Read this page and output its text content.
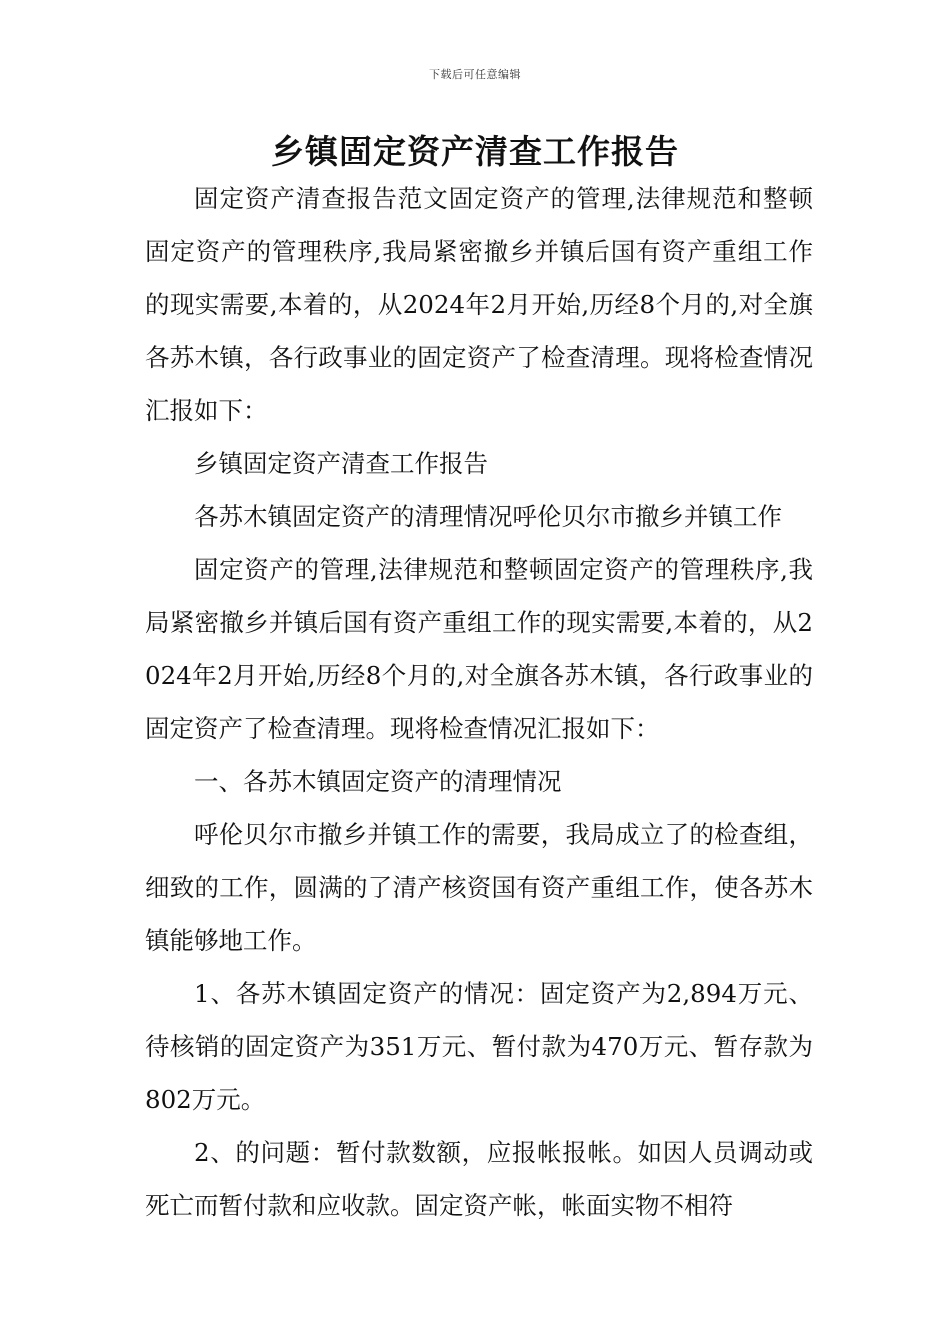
下载后可任意编辑
乡镇固定资产清查工作报告

固定资产清查报告范文固定资产的管理,法律规范和整顿固定资产的管理秩序,我局紧密撤乡并镇后国有资产重组工作的现实需要,本着的，从2024年2月开始,历经8个月的,对全旗各苏木镇，各行政事业的固定资产了检查清理。现将检查情况汇报如下：

乡镇固定资产清查工作报告

各苏木镇固定资产的清理情况呼伦贝尔市撤乡并镇工作

固定资产的管理,法律规范和整顿固定资产的管理秩序,我局紧密撤乡并镇后国有资产重组工作的现实需要,本着的，从2024年2月开始,历经8个月的,对全旗各苏木镇，各行政事业的固定资产了检查清理。现将检查情况汇报如下：

一、各苏木镇固定资产的清理情况

呼伦贝尔市撤乡并镇工作的需要，我局成立了的检查组，细致的工作，圆满的了清产核资国有资产重组工作，使各苏木镇能够地工作。

1、各苏木镇固定资产的情况：固定资产为2,894万元、待核销的固定资产为351万元、暂付款为470万元、暂存款为802万元。

2、的问题：暂付款数额，应报帐报帐。如因人员调动或死亡而暂付款和应收款。固定资产帐，帐面实物不相符
